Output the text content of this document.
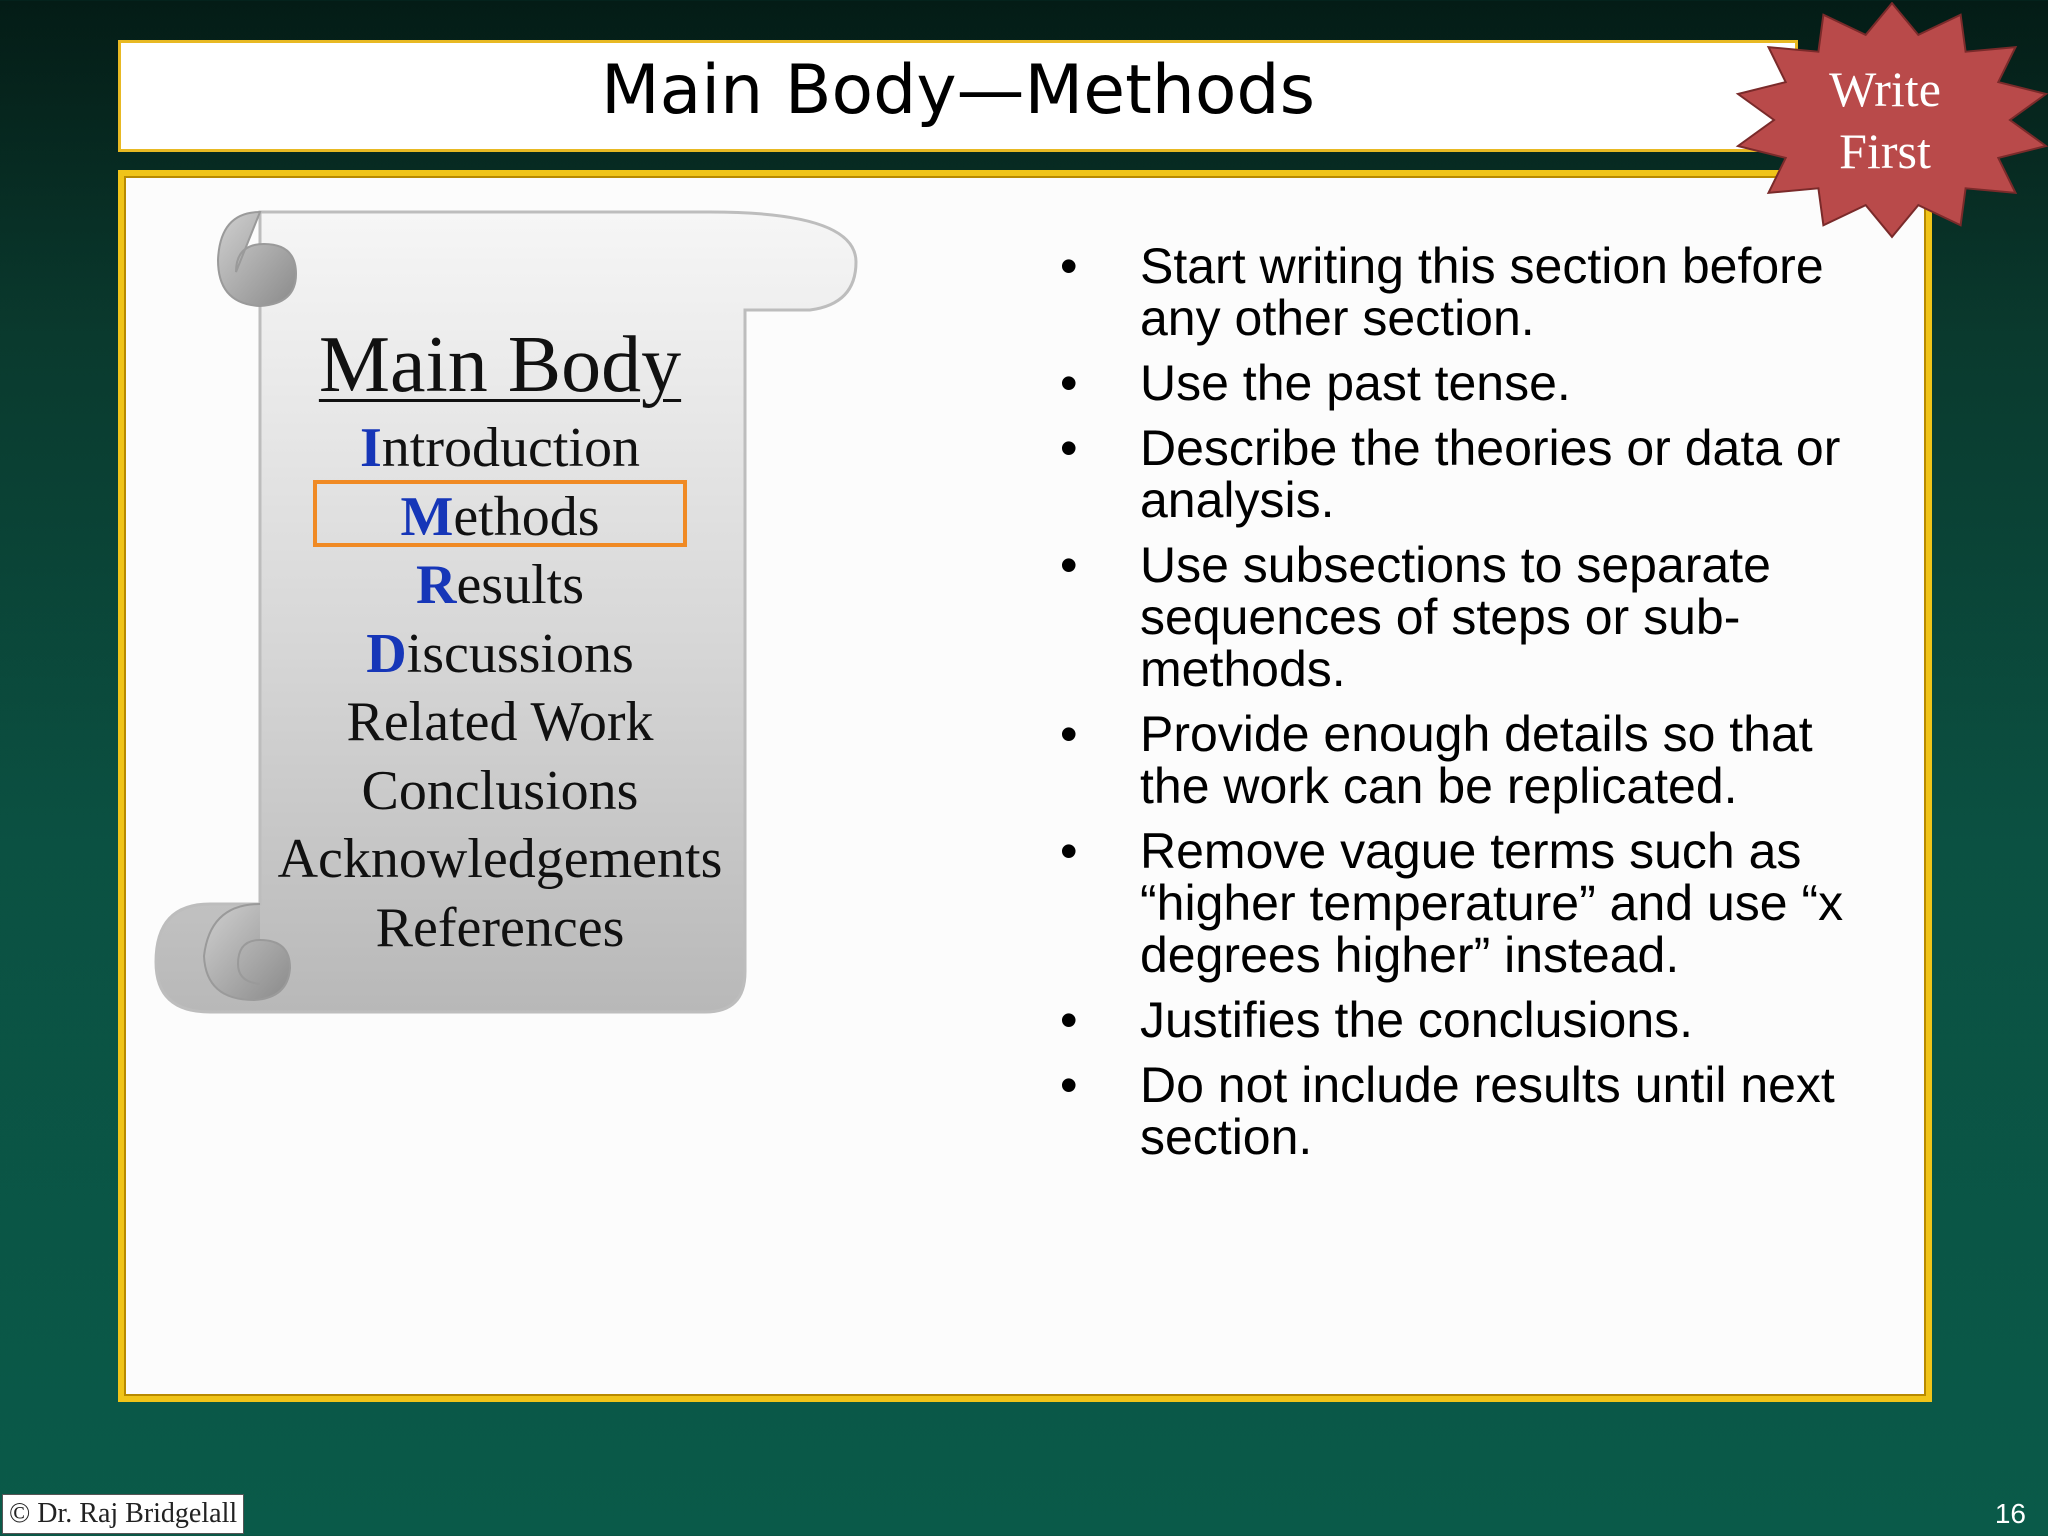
Main Body—Methods	Write
First
Main Body
Introduction
Methods
Results
Discussions
Related Work
Conclusions
Acknowledgements
References
• Start writing this section before any other section.
• Use the past tense.
• Describe the theories or data or analysis.
• Use subsections to separate sequences of steps or sub-methods.
• Provide enough details so that the work can be replicated.
• Remove vague terms such as “higher temperature” and use “x degrees higher” instead.
• Justifies the conclusions.
• Do not include results until next section.
© Dr. Raj Bridgelall	16
